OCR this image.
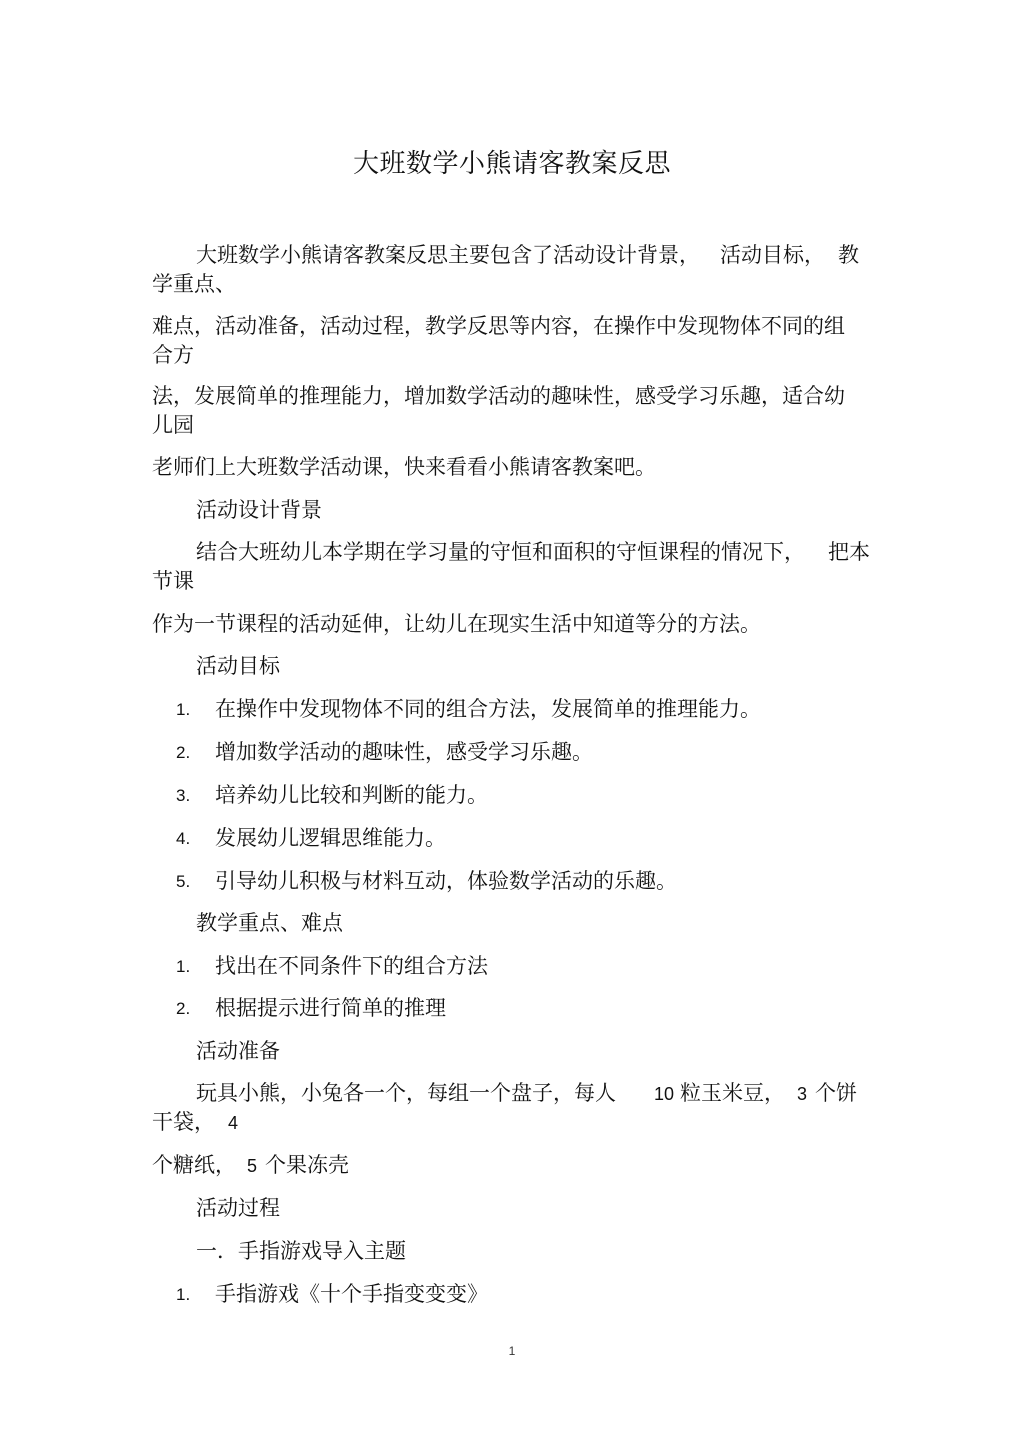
大班数学小熊请客教案反思
大班数学小熊请客教案反思主要包含了活动设计背景， 活动目标， 教
学重点、
难点，活动准备，活动过程，教学反思等内容，在操作中发现物体不同的组
合方
法，发展简单的推理能力，增加数学活动的趣味性，感受学习乐趣，适合幼
儿园
老师们上大班数学活动课，快来看看小熊请客教案吧。
活动设计背景
结合大班幼儿本学期在学习量的守恒和面积的守恒课程的情况下， 把本
节课
作为一节课程的活动延伸，让幼儿在现实生活中知道等分的方法。
活动目标
1. 在操作中发现物体不同的组合方法，发展简单的推理能力。
2. 增加数学活动的趣味性，感受学习乐趣。
3. 培养幼儿比较和判断的能力。
4. 发展幼儿逻辑思维能力。
5. 引导幼儿积极与材料互动，体验数学活动的乐趣。
教学重点、难点
1. 找出在不同条件下的组合方法
2. 根据提示进行简单的推理
活动准备
玩具小熊，小兔各一个，每组一个盘子，每人 10 粒玉米豆， 3 个饼
干袋， 4
个糖纸， 5 个果冻壳
活动过程
一．手指游戏导入主题
1. 手指游戏《十个手指变变变》
1
